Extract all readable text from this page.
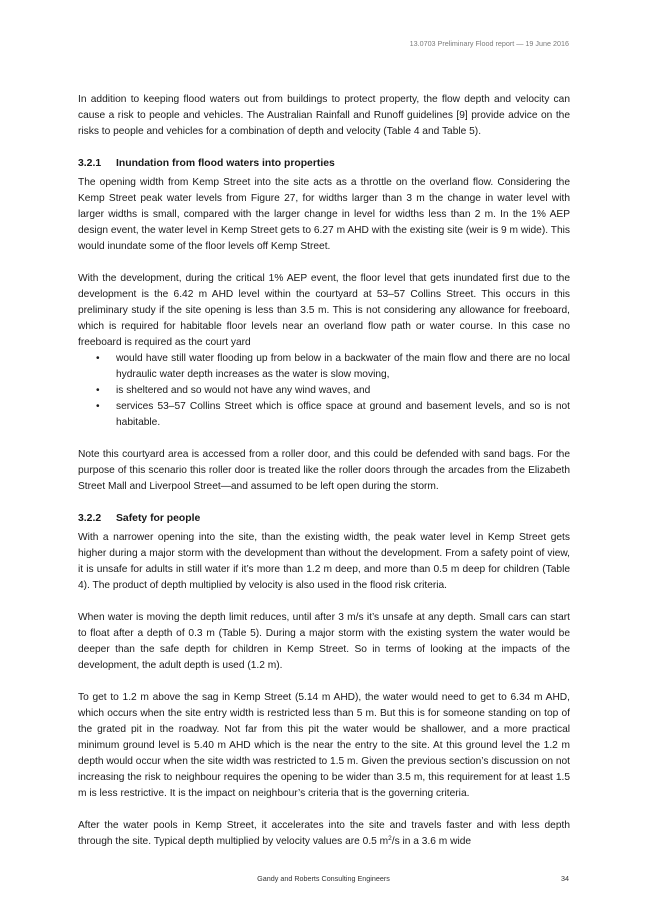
13.0703 Preliminary Flood report — 19 June 2016

In addition to keeping flood waters out from buildings to protect property, the flow depth and velocity can cause a risk to people and vehicles. The Australian Rainfall and Runoff guidelines [9] provide advice on the risks to people and vehicles for a combination of depth and velocity (Table 4 and Table 5).

3.2.1 Inundation from flood waters into properties

The opening width from Kemp Street into the site acts as a throttle on the overland flow. Considering the Kemp Street peak water levels from Figure 27, for widths larger than 3 m the change in water level with larger widths is small, compared with the larger change in level for widths less than 2 m. In the 1% AEP design event, the water level in Kemp Street gets to 6.27 m AHD with the existing site (weir is 9 m wide). This would inundate some of the floor levels off Kemp Street.

With the development, during the critical 1% AEP event, the floor level that gets inundated first due to the development is the 6.42 m AHD level within the courtyard at 53–57 Collins Street. This occurs in this preliminary study if the site opening is less than 3.5 m. This is not considering any allowance for freeboard, which is required for habitable floor levels near an overland flow path or water course. In this case no freeboard is required as the court yard

• would have still water flooding up from below in a backwater of the main flow and there are no local hydraulic water depth increases as the water is slow moving,
• is sheltered and so would not have any wind waves, and
• services 53–57 Collins Street which is office space at ground and basement levels, and so is not habitable.

Note this courtyard area is accessed from a roller door, and this could be defended with sand bags. For the purpose of this scenario this roller door is treated like the roller doors through the arcades from the Elizabeth Street Mall and Liverpool Street—and assumed to be left open during the storm.

3.2.2 Safety for people

With a narrower opening into the site, than the existing width, the peak water level in Kemp Street gets higher during a major storm with the development than without the development. From a safety point of view, it is unsafe for adults in still water if it’s more than 1.2 m deep, and more than 0.5 m deep for children (Table 4). The product of depth multiplied by velocity is also used in the flood risk criteria.

When water is moving the depth limit reduces, until after 3 m/s it’s unsafe at any depth. Small cars can start to float after a depth of 0.3 m (Table 5). During a major storm with the existing system the water would be deeper than the safe depth for children in Kemp Street. So in terms of looking at the impacts of the development, the adult depth is used (1.2 m).

To get to 1.2 m above the sag in Kemp Street (5.14 m AHD), the water would need to get to 6.34 m AHD, which occurs when the site entry width is restricted less than 5 m. But this is for someone standing on top of the grated pit in the roadway. Not far from this pit the water would be shallower, and a more practical minimum ground level is 5.40 m AHD which is the near the entry to the site. At this ground level the 1.2 m depth would occur when the site width was restricted to 1.5 m. Given the previous section’s discussion on not increasing the risk to neighbour requires the opening to be wider than 3.5 m, this requirement for at least 1.5 m is less restrictive. It is the impact on neighbour’s criteria that is the governing criteria.

After the water pools in Kemp Street, it accelerates into the site and travels faster and with less depth through the site. Typical depth multiplied by velocity values are 0.5 $m^2/s$ in a 3.6 m wide

Gandy and Roberts Consulting Engineers	34
